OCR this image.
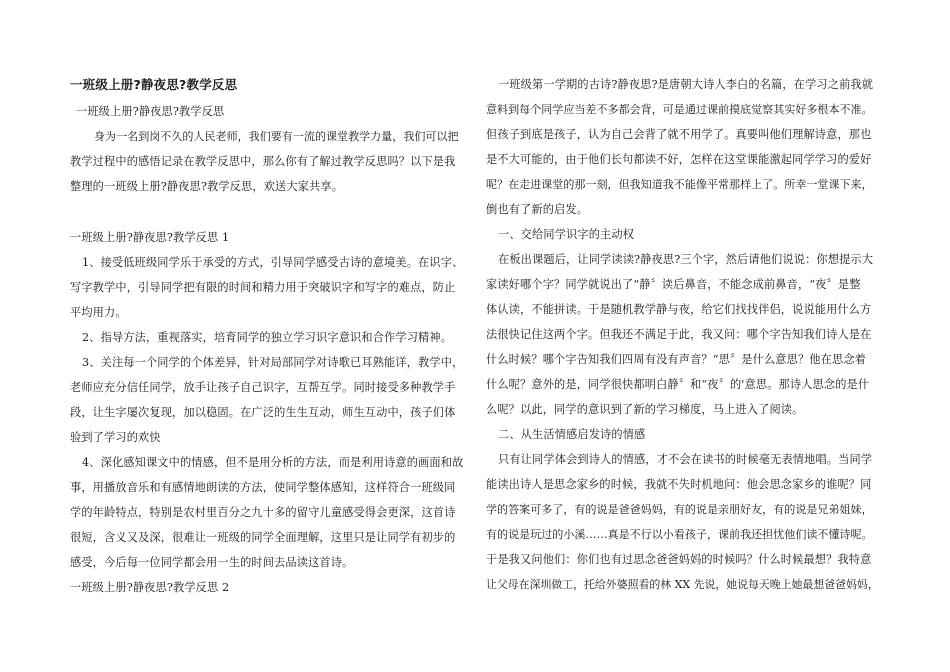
一班级上册?静夜思?教学反思
一班级上册?静夜思?教学反思
身为一名到岗不久的人民老师，我们要有一流的课堂教学力量，我们可以把
教学过程中的感悟记录在教学反思中，那么你有了解过教学反思吗？以下是我
整理的一班级上册?静夜思?教学反思，欢送大家共享。
一班级上册?静夜思?教学反思 1
1、接受低班级同学乐于承受的方式，引导同学感受古诗的意境美。在识字、
写字教学中，引导同学把有限的时间和精力用于突破识字和写字的难点，防止
平均用力。
2、指导方法，重视落实，培育同学的独立学习识字意识和合作学习精神。
3、关注每一个同学的个体差异，针对局部同学对诗歌已耳熟能详，教学中，
老师应充分信任同学，放手让孩子自己识字，互帮互学。同时接受多种教学手
段，让生字屡次复现，加以稳固。在广泛的生生互动，师生互动中，孩子们体
验到了学习的欢快
4、深化感知课文中的情感，但不是用分析的方法，而是利用诗意的画面和故
事，用播放音乐和有感情地朗读的方法，使同学整体感知，这样符合一班级同
学的年龄特点，特别是农村里百分之九十多的留守儿童感受得会更深，这首诗
很短，含义又及深，很难让一班级的同学全面理解，这里只是让同学有初步的
感受，今后每一位同学都会用一生的时间去品读这首诗。
一班级上册?静夜思?教学反思 2
一班级第一学期的古诗?静夜思?是唐朝大诗人李白的名篇，在学习之前我就
意料到每个同学应当差不多都会背，可是通过课前摸底觉察其实好多根本不准。
但孩子到底是孩子，认为自己会背了就不用学了。真要叫他们理解诗意，那也
是不大可能的，由于他们长句都读不好，怎样在这堂课能激起同学学习的爱好
呢？在走进课堂的那一刻，但我知道我不能像平常那样上了。所幸一堂课下来，
倒也有了新的启发。
一、交给同学识字的主动权
在板出课题后，让同学读读?静夜思?三个字，然后请他们说说：你想提示大
家读好哪个字？同学就说出了“静〞读后鼻音，不能念成前鼻音，“夜〞是整
体认读，不能拼读。于是随机教学静与夜，给它们找找伴侣，说说能用什么方
法很快记住这两个字。但我还不满足于此，我又问：哪个字告知我们诗人是在
什么时候？哪个字告知我们四周有没有声音？“思〞是什么意思？他在思念着
什么呢？意外的是，同学很快都明白静〞和“夜〞的'意思。那诗人思念的是什
么呢？以此，同学的意识到了新的学习梯度，马上进入了阅读。
二、从生活情感启发诗的情感
只有让同学体会到诗人的情感，才不会在读书的时候毫无表情地唱。当同学
能读出诗人是思念家乡的时候，我就不失时机地问：他会思念家乡的谁呢？同
学的答案可多了，有的说是爸爸妈妈，有的说是亲朋好友，有的说是兄弟姐妹，
有的说是玩过的小溪……真是不行以小看孩子，课前我还担忧他们读不懂诗呢。
于是我又问他们：你们也有过思念爸爸妈妈的时候吗？什么时候最想？我特意
让父母在深圳做工，托给外婆照看的林 XX 先说，她说每天晚上她最想爸爸妈妈，
